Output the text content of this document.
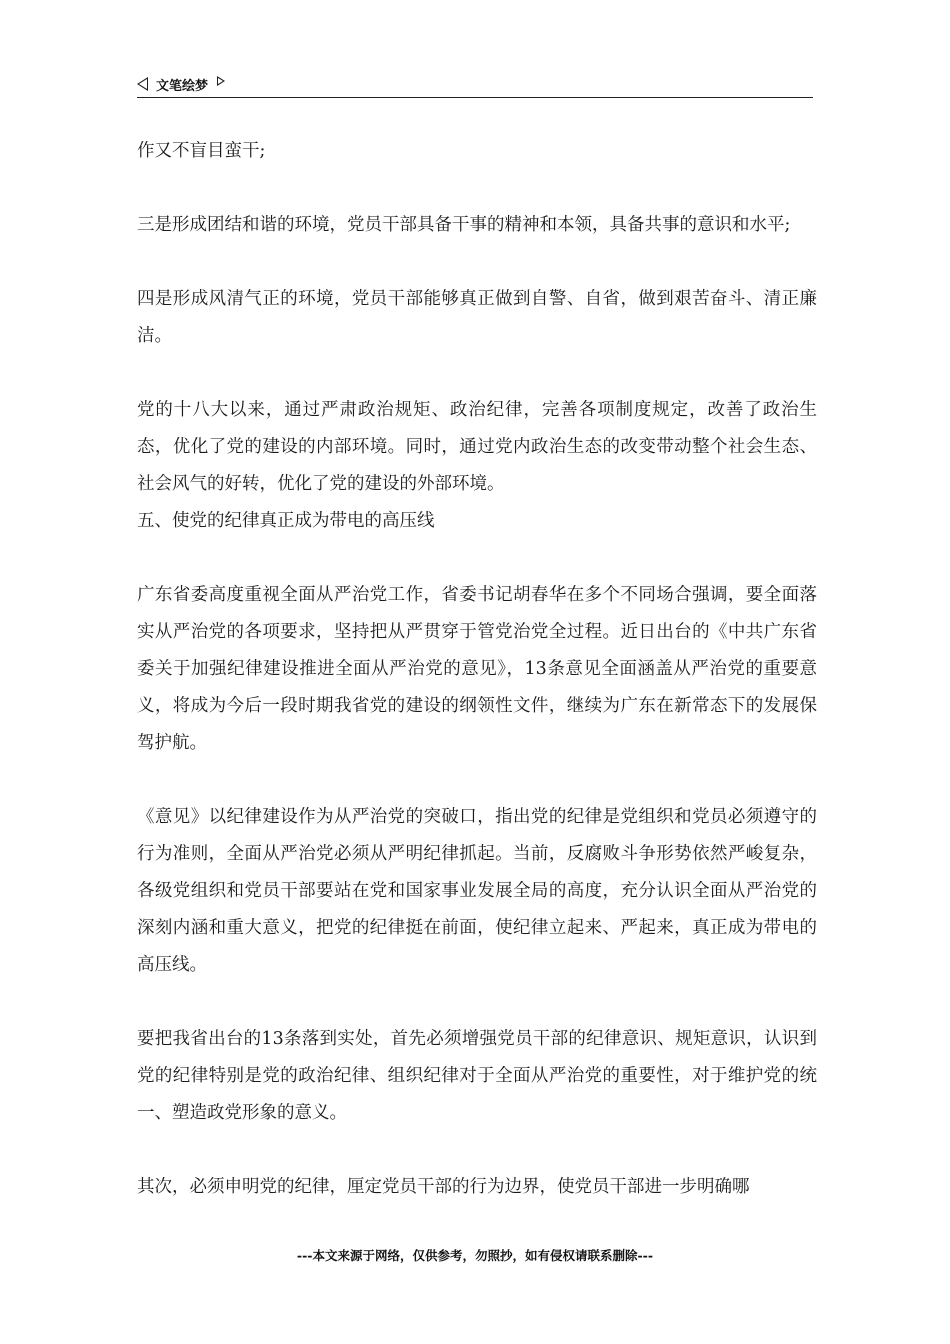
文笔绘梦

作又不盲目蛮干;

三是形成团结和谐的环境，党员干部具备干事的精神和本领，具备共事的意识和水平;

四是形成风清气正的环境，党员干部能够真正做到自警、自省，做到艰苦奋斗、清正廉洁。

党的十八大以来，通过严肃政治规矩、政治纪律，完善各项制度规定，改善了政治生态，优化了党的建设的内部环境。同时，通过党内政治生态的改变带动整个社会生态、社会风气的好转，优化了党的建设的外部环境。

五、使党的纪律真正成为带电的高压线

广东省委高度重视全面从严治党工作，省委书记胡春华在多个不同场合强调，要全面落实从严治党的各项要求，坚持把从严贯穿于管党治党全过程。近日出台的《中共广东省委关于加强纪律建设推进全面从严治党的意见》，13条意见全面涵盖从严治党的重要意义，将成为今后一段时期我省党的建设的纲领性文件，继续为广东在新常态下的发展保驾护航。

《意见》以纪律建设作为从严治党的突破口，指出党的纪律是党组织和党员必须遵守的行为准则，全面从严治党必须从严明纪律抓起。当前，反腐败斗争形势依然严峻复杂，各级党组织和党员干部要站在党和国家事业发展全局的高度，充分认识全面从严治党的深刻内涵和重大意义，把党的纪律挺在前面，使纪律立起来、严起来，真正成为带电的高压线。

要把我省出台的13条落到实处，首先必须增强党员干部的纪律意识、规矩意识，认识到党的纪律特别是党的政治纪律、组织纪律对于全面从严治党的重要性，对于维护党的统一、塑造政党形象的意义。

其次，必须申明党的纪律，厘定党员干部的行为边界，使党员干部进一步明确哪

---本文来源于网络，仅供参考，勿照抄，如有侵权请联系删除---
